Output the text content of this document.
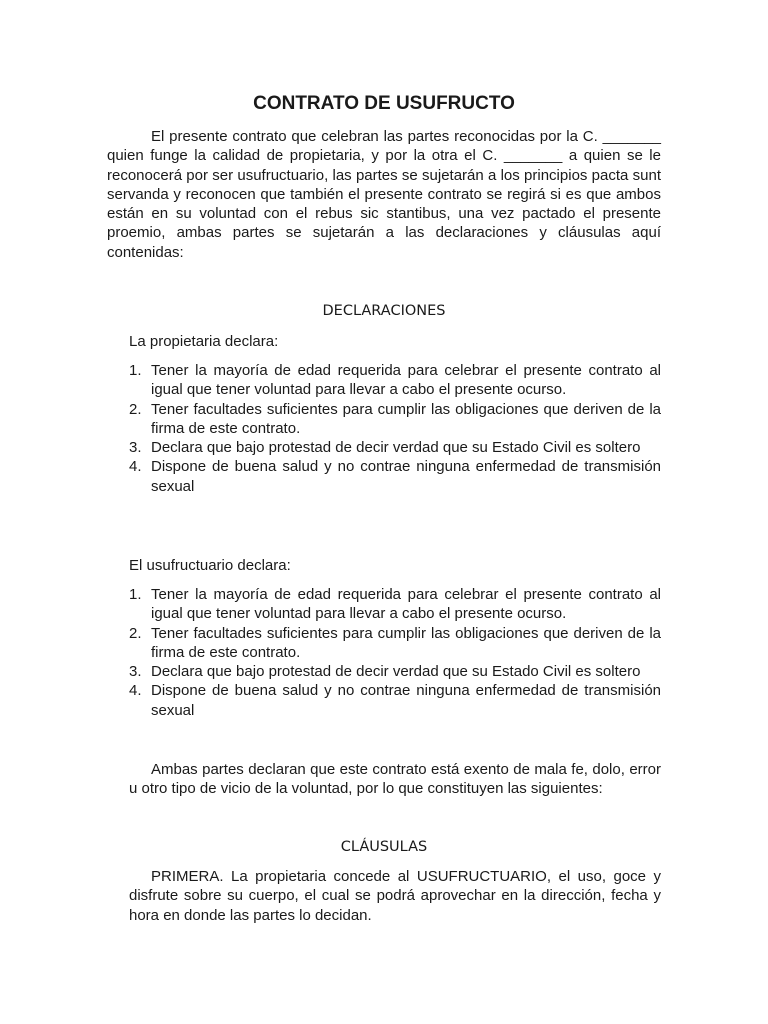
CONTRATO DE USUFRUCTO

El presente contrato que celebran las partes reconocidas por la C. _______ quien funge la calidad de propietaria, y por la otra el C. _______ a quien se le reconocerá por ser usufructuario, las partes se sujetarán a los principios pacta sunt servanda y reconocen que también el presente contrato se regirá si es que ambos están en su voluntad con el rebus sic stantibus, una vez pactado el presente proemio, ambas partes se sujetarán a las declaraciones y cláusulas aquí contenidas:

DECLARACIONES

La propietaria declara:

1. Tener la mayoría de edad requerida para celebrar el presente contrato al igual que tener voluntad para llevar a cabo el presente ocurso.
2. Tener facultades suficientes para cumplir las obligaciones que deriven de la firma de este contrato.
3. Declara que bajo protestad de decir verdad que su Estado Civil es soltero
4. Dispone de buena salud y no contrae ninguna enfermedad de transmisión sexual

El usufructuario declara:

1. Tener la mayoría de edad requerida para celebrar el presente contrato al igual que tener voluntad para llevar a cabo el presente ocurso.
2. Tener facultades suficientes para cumplir las obligaciones que deriven de la firma de este contrato.
3. Declara que bajo protestad de decir verdad que su Estado Civil es soltero
4. Dispone de buena salud y no contrae ninguna enfermedad de transmisión sexual

Ambas partes declaran que este contrato está exento de mala fe, dolo, error u otro tipo de vicio de la voluntad, por lo que constituyen las siguientes:

CLÁUSULAS

PRIMERA. La propietaria concede al USUFRUCTUARIO, el uso, goce y disfrute sobre su cuerpo, el cual se podrá aprovechar en la dirección, fecha y hora en donde las partes lo decidan.
